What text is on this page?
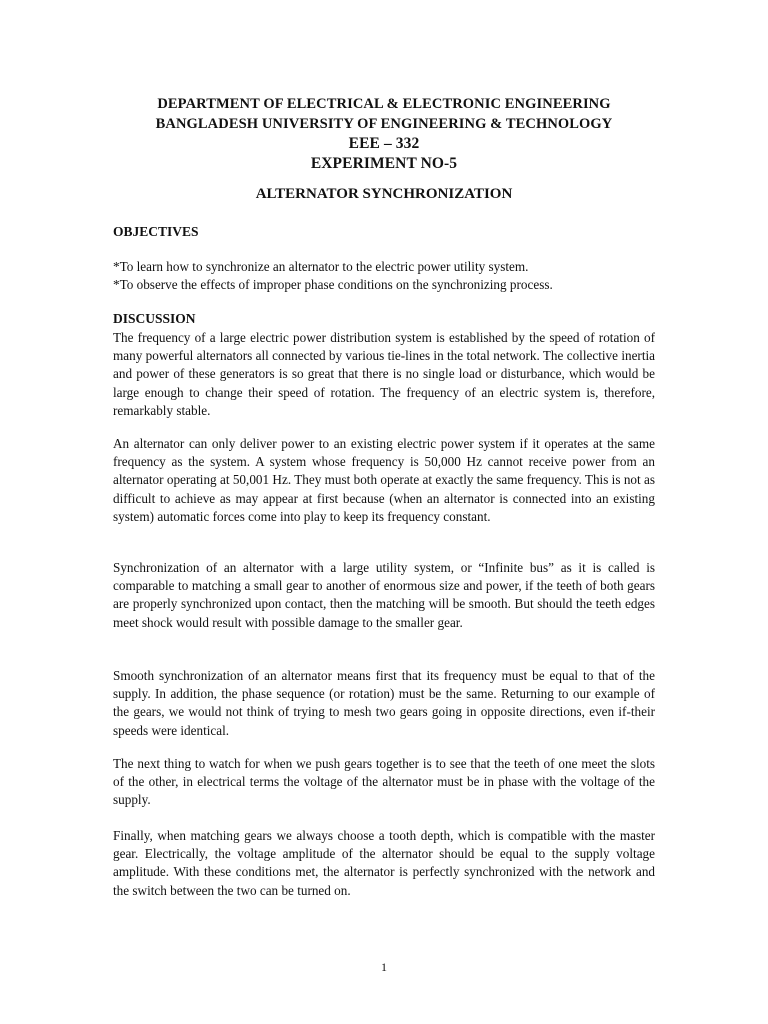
DEPARTMENT OF ELECTRICAL & ELECTRONIC ENGINEERING
BANGLADESH UNIVERSITY OF ENGINEERING & TECHNOLOGY
EEE – 332
EXPERIMENT NO-5
ALTERNATOR SYNCHRONIZATION
OBJECTIVES

*To learn how to synchronize an alternator to the electric power utility system.

*To observe the effects of improper phase conditions on the synchronizing process.

DISCUSSION

The frequency of a large electric power distribution system is established by the speed of rotation of many powerful alternators all connected by various tie-lines in the total network. The collective inertia and power of these generators is so great that there is no single load or disturbance, which would be large enough to change their speed of rotation. The frequency of an electric system is, therefore, remarkably stable.

An alternator can only deliver power to an existing electric power system if it operates at the same frequency as the system. A system whose frequency is 50,000 Hz cannot receive power from an alternator operating at 50,001 Hz. They must both operate at exactly the same frequency. This is not as difficult to achieve as may appear at first because (when an alternator is connected into an existing system) automatic forces come into play to keep its frequency constant.

Synchronization of an alternator with a large utility system, or “Infinite bus” as it is called is comparable to matching a small gear to another of enormous size and power, if the teeth of both gears are properly synchronized upon contact, then the matching will be smooth. But should the teeth edges meet shock would result with possible damage to the smaller gear.

Smooth synchronization of an alternator means first that its frequency must be equal to that of the supply. In addition, the phase sequence (or rotation) must be the same. Returning to our example of the gears, we would not think of trying to mesh two gears going in opposite directions, even if-their speeds were identical.

The next thing to watch for when we push gears together is to see that the teeth of one meet the slots of the other, in electrical terms the voltage of the alternator must be in phase with the voltage of the supply.

Finally, when matching gears we always choose a tooth depth, which is compatible with the master gear. Electrically, the voltage amplitude of the alternator should be equal to the supply voltage amplitude. With these conditions met, the alternator is perfectly synchronized with the network and the switch between the two can be turned on.

1
